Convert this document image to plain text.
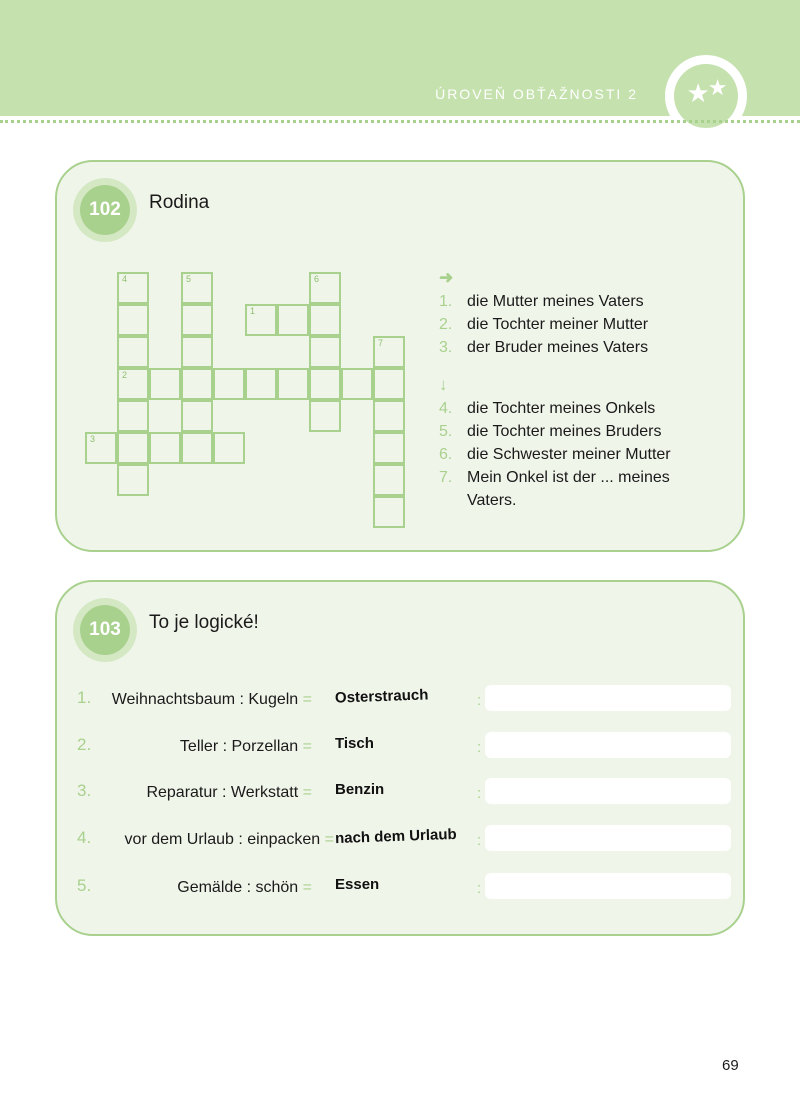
ÚROVEŇ OBŤAŽNOSTI 2	★★
102	Rodina
4
2
5
3
1
6
7
➜
1. die Mutter meines Vaters
2. die Tochter meiner Mutter
3. der Bruder meines Vaters
↓
4. die Tochter meines Onkels
5. die Tochter meines Bruders
6. die Schwester meiner Mutter
7. Mein Onkel ist der ... meines Vaters.
103	To je logické!
1.	Weihnachtsbaum : Kugeln = Osterstrauch	:
2.	Teller : Porzellan = Tisch	:
3.	Reparatur : Werkstatt = Benzin	:
4.	vor dem Urlaub : einpacken = nach dem Urlaub :
5.	Gemälde : schön = Essen	:
69
